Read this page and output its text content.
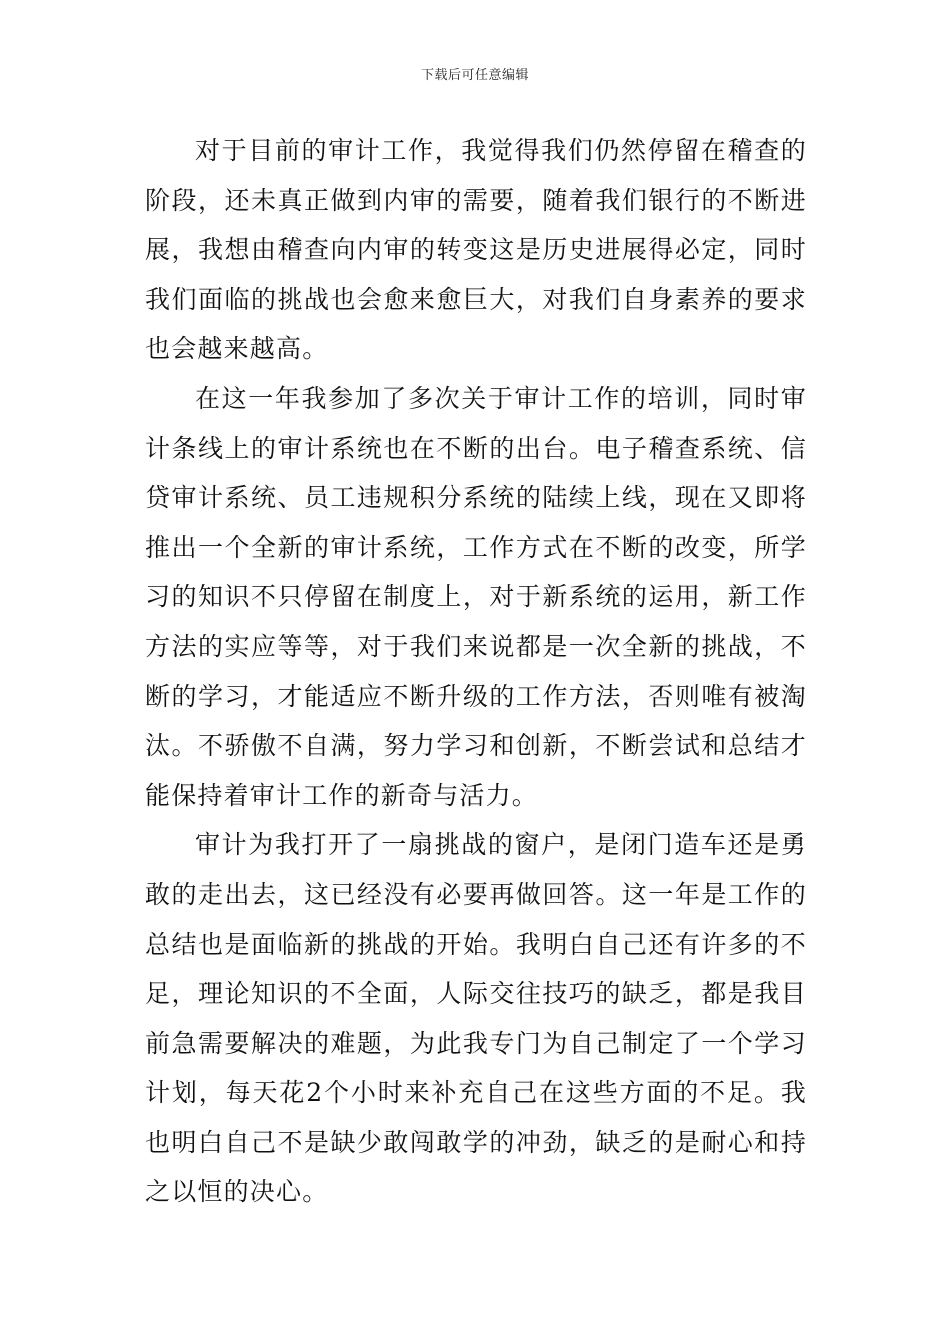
下载后可任意编辑

对于目前的审计工作，我觉得我们仍然停留在稽查的阶段，还未真正做到内审的需要，随着我们银行的不断进展，我想由稽查向内审的转变这是历史进展得必定，同时我们面临的挑战也会愈来愈巨大，对我们自身素养的要求也会越来越高。

在这一年我参加了多次关于审计工作的培训，同时审计条线上的审计系统也在不断的出台。电子稽查系统、信贷审计系统、员工违规积分系统的陆续上线，现在又即将推出一个全新的审计系统，工作方式在不断的改变，所学习的知识不只停留在制度上，对于新系统的运用，新工作方法的实应等等，对于我们来说都是一次全新的挑战，不断的学习，才能适应不断升级的工作方法，否则唯有被淘汰。不骄傲不自满，努力学习和创新，不断尝试和总结才能保持着审计工作的新奇与活力。

审计为我打开了一扇挑战的窗户，是闭门造车还是勇敢的走出去，这已经没有必要再做回答。这一年是工作的总结也是面临新的挑战的开始。我明白自己还有许多的不足，理论知识的不全面，人际交往技巧的缺乏，都是我目前急需要解决的难题，为此我专门为自己制定了一个学习计划，每天花2个小时来补充自己在这些方面的不足。我也明白自己不是缺少敢闯敢学的冲劲，缺乏的是耐心和持之以恒的决心。
